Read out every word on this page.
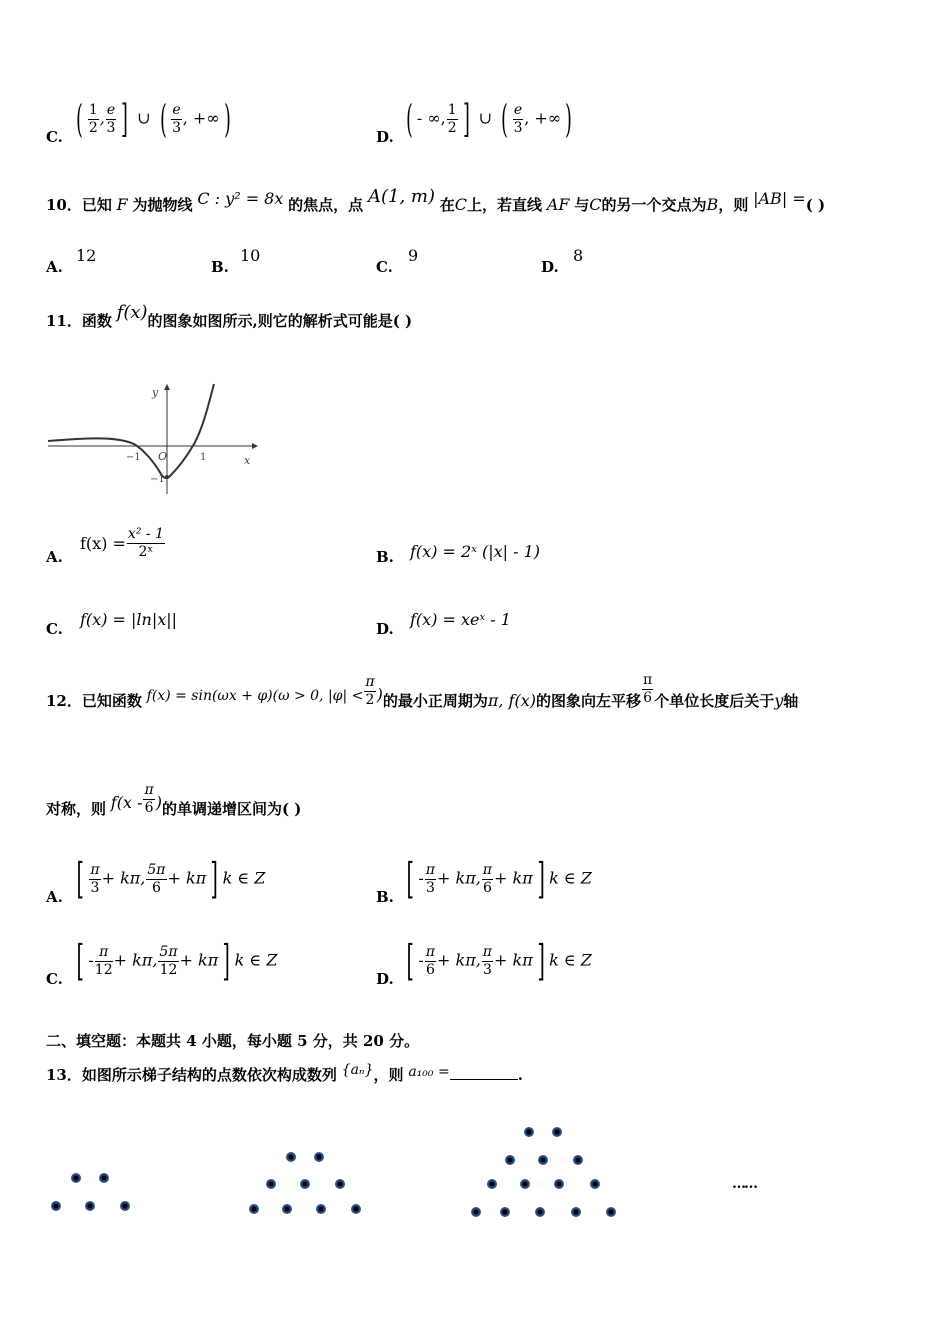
C. ( $\frac{1}{2}$ , $\frac{e}{3}$ ] ∪ ( $\frac{e}{3}$ , +∞ )	D. ( - ∞, $\frac{1}{2}$ ] ∪ ( $\frac{e}{3}$ , +∞ )
10．已知 F 为抛物线 C : y² = 8x 的焦点，点 A(1, m) 在C上，若直线 AF 与C的另一个交点为B，则 |AB| =( )
A.
12
B.
10
C.
9
D.
8
11．函数 f(x)的图象如图所示,则它的解析式可能是( )
y
x
O
−1	1
−1
A.
$f(x) = \frac{\text{x² - 1}}{\text{2ˣ}}$	B. f(x) = 2ˣ (|x| - 1)
C. f(x) = |ln|x||	D. f(x) = xeˣ - 1
12．已知函数 f(x) = sin(ωx + φ)(ω > 0, $|\varphi| < \frac{\pi}{2}$ )的最小正周期为π, f(x)的图象向左平移 $\frac{\pi}{6}$ 个单位长度后关于y轴
对称，则 $f(x - \frac{\pi}{6}$ )的单调递增区间为( )
A. [ $\frac{\pi}{3} + k\pi$, $\frac{5\pi}{6} + k\pi$ ] k ∈ Z
B. [ - $\frac{\pi}{3} + k\pi$, $\frac{\pi}{6} + k\pi$ ] k ∈ Z
C. [ - $\frac{\pi}{12} + k\pi$, $\frac{5\pi}{12} + k\pi$ ] k ∈ Z
D. [ - $\frac{\pi}{6} + k\pi$, $\frac{\pi}{3} + k\pi$ ] k ∈ Z
二、填空题：本题共 4 小题，每小题 5 分，共 20 分。
13．如图所示梯子结构的点数依次构成数列 {aₙ}，则 a₁₀₀ =	.
……
